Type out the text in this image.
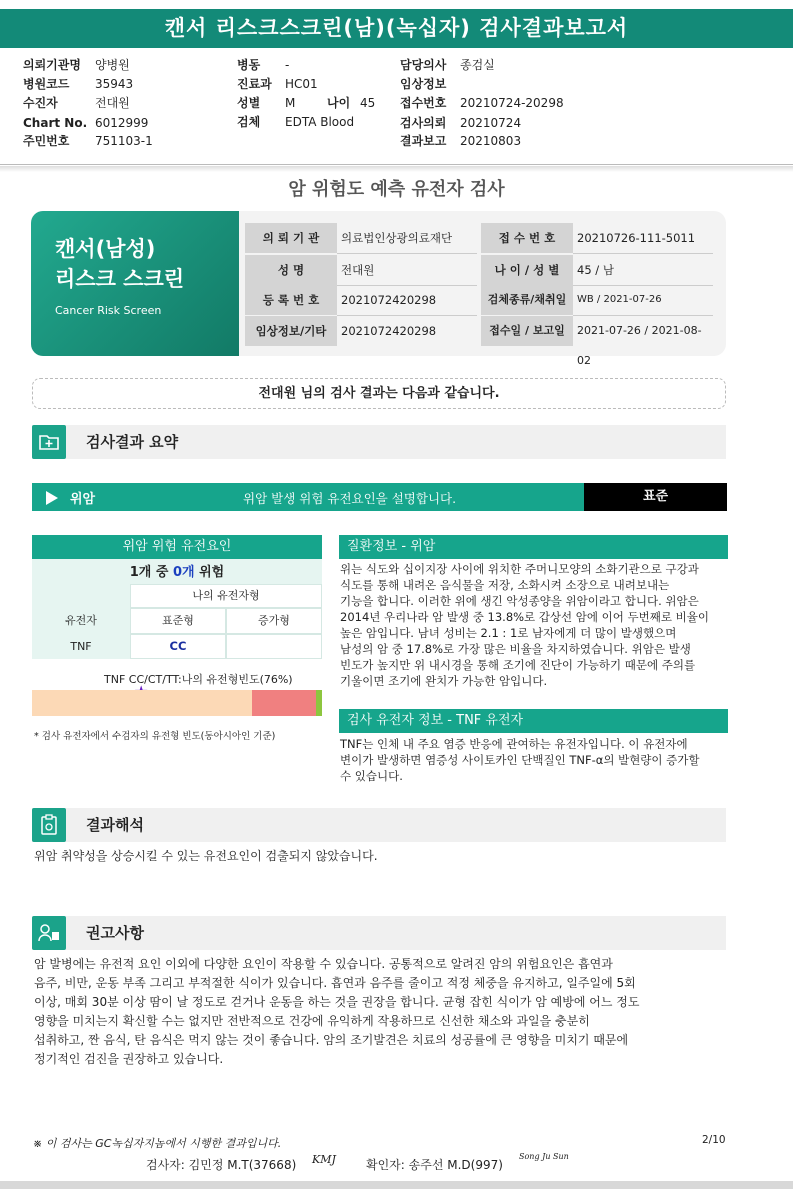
캔서 리스크스크린(남)(녹십자) 검사결과보고서
의뢰기관명 양병원
병원코드 35943
수진자	전대원
Chart No. 6012999
주민번호 751103-1
병동 -
진료과 HC01
성별 M	나이 45
검체 EDTA Blood
담당의사 종검실
임상정보
접수번호 20210724-20298
검사의뢰 20210724
결과보고 20210803
암 위험도 예측 유전자 검사
캔서(남성)
리스크 스크린
Cancer Risk Screen
의 뢰 기 관	의료법인상광의료재단
성 명	전대원
등 록 번 호	2021072420298
임상정보/기타	2021072420298
접 수 번 호	20210726-111-5011
나 이 / 성 별	45 / 남
검체종류/채취일	WB / 2021-07-26
접수일 / 보고일	2021-07-26 / 2021-08-02
전대원 님의 검사 결과는 다음과 같습니다.
검사결과 요약
위암	위암 발생 위험 유전요인을 설명합니다.	표준
위암 위험 유전요인
1개 중 0개 위험
나의 유전자형
유전자	표준형	증가형
TNF	CC
TNF CC/CT/TT:나의 유전형빈도(76%)
* 검사 유전자에서 수검자의 유전형 빈도(동아시아인 기준)
질환정보 - 위암
위는 식도와 십이지장 사이에 위치한 주머니모양의 소화기관으로 구강과
식도를 통해 내려온 음식물을 저장, 소화시켜 소장으로 내려보내는
기능을 합니다. 이러한 위에 생긴 악성종양을 위암이라고 합니다. 위암은
2014년 우리나라 암 발생 중 13.8%로 갑상선 암에 이어 두번째로 비율이
높은 암입니다. 남녀 성비는 2.1 : 1로 남자에게 더 많이 발생했으며
남성의 암 중 17.8%로 가장 많은 비율을 차지하였습니다. 위암은 발생
빈도가 높지만 위 내시경을 통해 조기에 진단이 가능하기 때문에 주의를
기울이면 조기에 완치가 가능한 암입니다.
검사 유전자 정보 - TNF 유전자
TNF는 인체 내 주요 염증 반응에 관여하는 유전자입니다. 이 유전자에
변이가 발생하면 염증성 사이토카인 단백질인 TNF-α의 발현량이 증가할
수 있습니다.
결과해석
위암 취약성을 상승시킬 수 있는 유전요인이 검출되지 않았습니다.
권고사항
암 발병에는 유전적 요인 이외에 다양한 요인이 작용할 수 있습니다. 공통적으로 알려진 암의 위험요인은 흡연과
음주, 비만, 운동 부족 그리고 부적절한 식이가 있습니다. 흡연과 음주를 줄이고 적정 체중을 유지하고, 일주일에 5회
이상, 매회 30분 이상 땀이 날 정도로 걷거나 운동을 하는 것을 권장을 합니다. 균형 잡힌 식이가 암 예방에 어느 정도
영향을 미치는지 확신할 수는 없지만 전반적으로 건강에 유익하게 작용하므로 신선한 채소와 과일을 충분히
섭취하고, 짠 음식, 탄 음식은 먹지 않는 것이 좋습니다. 암의 조기발견은 치료의 성공률에 큰 영향을 미치기 때문에
정기적인 검진을 권장하고 있습니다.
※ 이 검사는 GC녹십자지놈에서 시행한 결과입니다.	2/10
검사자: 김민정 M.T(37668) KMJ	확인자: 송주선 M.D(997)
Song Ju Sun
